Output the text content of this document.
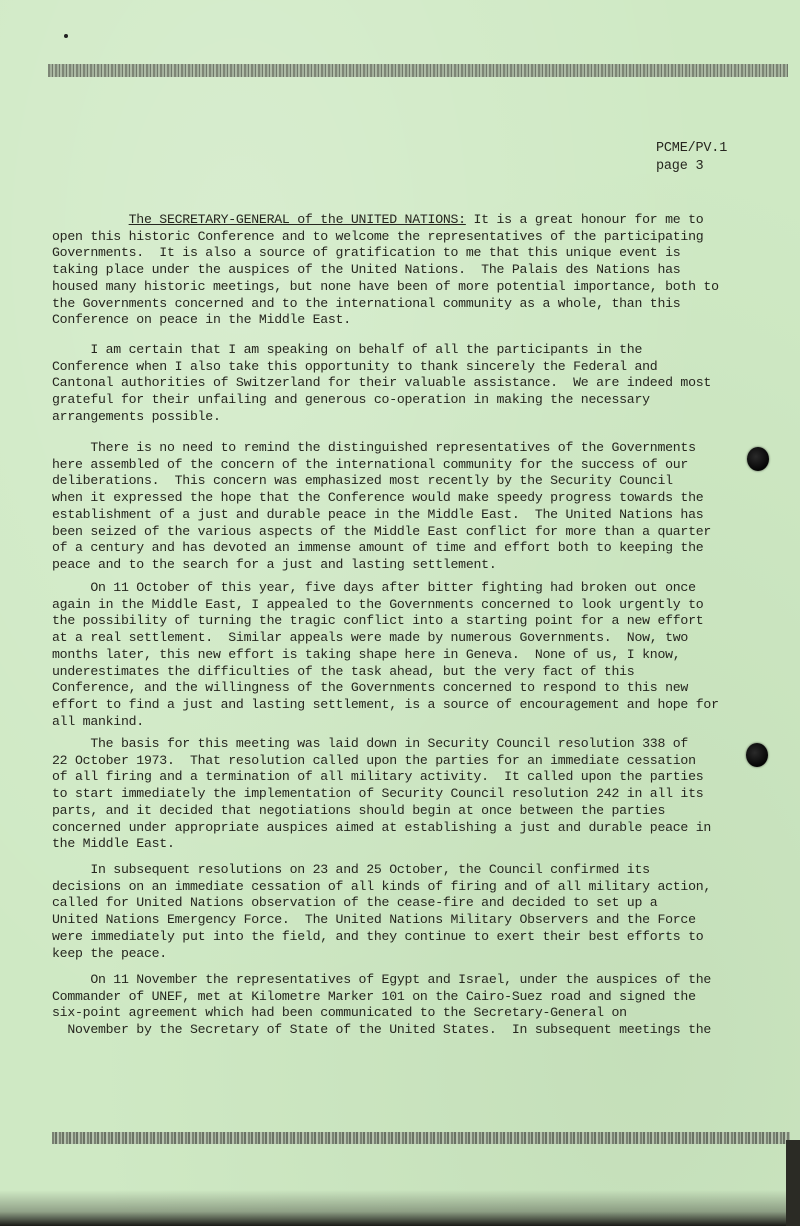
PCME/PV.1
page 3
The SECRETARY-GENERAL of the UNITED NATIONS: It is a great honour for me to
open this historic Conference and to welcome the representatives of the participating
Governments.  It is also a source of gratification to me that this unique event is
taking place under the auspices of the United Nations.  The Palais des Nations has
housed many historic meetings, but none have been of more potential importance, both to
the Governments concerned and to the international community as a whole, than this
Conference on peace in the Middle East.
I am certain that I am speaking on behalf of all the participants in the
Conference when I also take this opportunity to thank sincerely the Federal and
Cantonal authorities of Switzerland for their valuable assistance.  We are indeed most
grateful for their unfailing and generous co-operation in making the necessary
arrangements possible.
There is no need to remind the distinguished representatives of the Governments
here assembled of the concern of the international community for the success of our
deliberations.  This concern was emphasized most recently by the Security Council
when it expressed the hope that the Conference would make speedy progress towards the
establishment of a just and durable peace in the Middle East.  The United Nations has
been seized of the various aspects of the Middle East conflict for more than a quarter
of a century and has devoted an immense amount of time and effort both to keeping the
peace and to the search for a just and lasting settlement.
On 11 October of this year, five days after bitter fighting had broken out once
again in the Middle East, I appealed to the Governments concerned to look urgently to
the possibility of turning the tragic conflict into a starting point for a new effort
at a real settlement.  Similar appeals were made by numerous Governments.  Now, two
months later, this new effort is taking shape here in Geneva.  None of us, I know,
underestimates the difficulties of the task ahead, but the very fact of this
Conference, and the willingness of the Governments concerned to respond to this new
effort to find a just and lasting settlement, is a source of encouragement and hope for
all mankind.
The basis for this meeting was laid down in Security Council resolution 338 of
22 October 1973.  That resolution called upon the parties for an immediate cessation
of all firing and a termination of all military activity.  It called upon the parties
to start immediately the implementation of Security Council resolution 242 in all its
parts, and it decided that negotiations should begin at once between the parties
concerned under appropriate auspices aimed at establishing a just and durable peace in
the Middle East.
In subsequent resolutions on 23 and 25 October, the Council confirmed its
decisions on an immediate cessation of all kinds of firing and of all military action,
called for United Nations observation of the cease-fire and decided to set up a
United Nations Emergency Force.  The United Nations Military Observers and the Force
were immediately put into the field, and they continue to exert their best efforts to
keep the peace.
On 11 November the representatives of Egypt and Israel, under the auspices of the
Commander of UNEF, met at Kilometre Marker 101 on the Cairo-Suez road and signed the
six-point agreement which had been communicated to the Secretary-General on
November by the Secretary of State of the United States.  In subsequent meetings the
